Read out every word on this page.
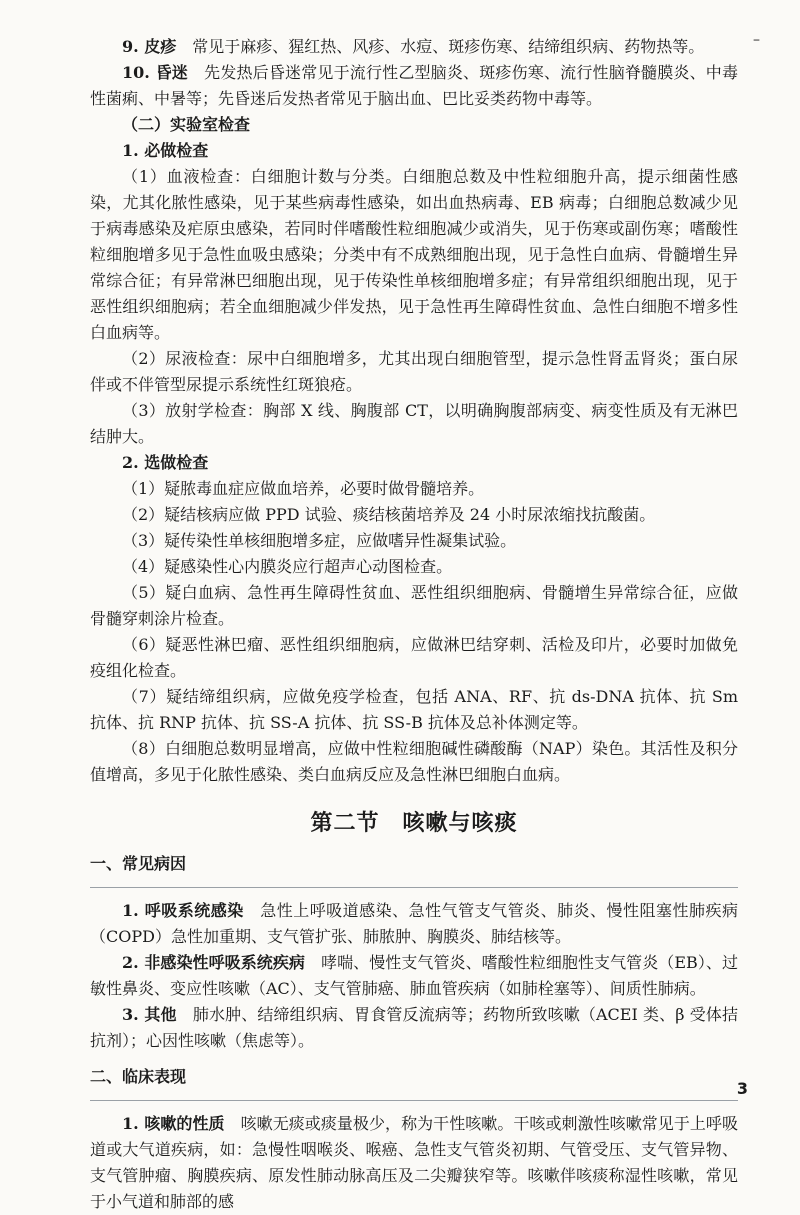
–

9. 皮疹　 常见于麻疹、猩红热、风疹、水痘、斑疹伤寒、结缔组织病、药物热等。

10. 昏迷　 先发热后昏迷常见于流行性乙型脑炎、斑疹伤寒、流行性脑脊髓膜炎、中毒性菌痢、中暑等；先昏迷后发热者常见于脑出血、巴比妥类药物中毒等。

（二）实验室检查

1. 必做检查

（1）血液检查：白细胞计数与分类。白细胞总数及中性粒细胞升高，提示细菌性感染，尤其化脓性感染，见于某些病毒性感染，如出血热病毒、EB 病毒；白细胞总数减少见于病毒感染及疟原虫感染，若同时伴嗜酸性粒细胞减少或消失，见于伤寒或副伤寒；嗜酸性粒细胞增多见于急性血吸虫感染；分类中有不成熟细胞出现，见于急性白血病、骨髓增生异常综合征；有异常淋巴细胞出现，见于传染性单核细胞增多症；有异常组织细胞出现，见于恶性组织细胞病；若全血细胞减少伴发热，见于急性再生障碍性贫血、急性白细胞不增多性白血病等。

（2）尿液检查：尿中白细胞增多，尤其出现白细胞管型，提示急性肾盂肾炎；蛋白尿伴或不伴管型尿提示系统性红斑狼疮。

（3）放射学检查：胸部 X 线、胸腹部 CT，以明确胸腹部病变、病变性质及有无淋巴结肿大。

2. 选做检查

（1）疑脓毒血症应做血培养，必要时做骨髓培养。

（2）疑结核病应做 PPD 试验、痰结核菌培养及 24 小时尿浓缩找抗酸菌。

（3）疑传染性单核细胞增多症，应做嗜异性凝集试验。

（4）疑感染性心内膜炎应行超声心动图检查。

（5）疑白血病、急性再生障碍性贫血、恶性组织细胞病、骨髓增生异常综合征，应做骨髓穿刺涂片检查。

（6）疑恶性淋巴瘤、恶性组织细胞病，应做淋巴结穿刺、活检及印片，必要时加做免疫组化检查。

（7）疑结缔组织病，应做免疫学检查，包括 ANA、RF、抗 ds-DNA 抗体、抗 Sm 抗体、抗 RNP 抗体、抗 SS-A 抗体、抗 SS-B 抗体及总补体测定等。

（8）白细胞总数明显增高，应做中性粒细胞碱性磷酸酶（NAP）染色。其活性及积分值增高，多见于化脓性感染、类白血病反应及急性淋巴细胞白血病。

第二节　咳嗽与咳痰
一、常见病因

1. 呼吸系统感染　 急性上呼吸道感染、急性气管支气管炎、肺炎、慢性阻塞性肺疾病（COPD）急性加重期、支气管扩张、肺脓肿、胸膜炎、肺结核等。

2. 非感染性呼吸系统疾病　 哮喘、慢性支气管炎、嗜酸性粒细胞性支气管炎（EB）、过敏性鼻炎、变应性咳嗽（AC）、支气管肺癌、肺血管疾病（如肺栓塞等）、间质性肺病。

3. 其他　 肺水肿、结缔组织病、胃食管反流病等；药物所致咳嗽（ACEI 类、β 受体拮抗剂）；心因性咳嗽（焦虑等）。

二、临床表现

1. 咳嗽的性质　 咳嗽无痰或痰量极少，称为干性咳嗽。干咳或刺激性咳嗽常见于上呼吸道或大气道疾病，如：急慢性咽喉炎、喉癌、急性支气管炎初期、气管受压、支气管异物、支气管肿瘤、胸膜疾病、原发性肺动脉高压及二尖瓣狭窄等。咳嗽伴咳痰称湿性咳嗽，常见于小气道和肺部的感

3
